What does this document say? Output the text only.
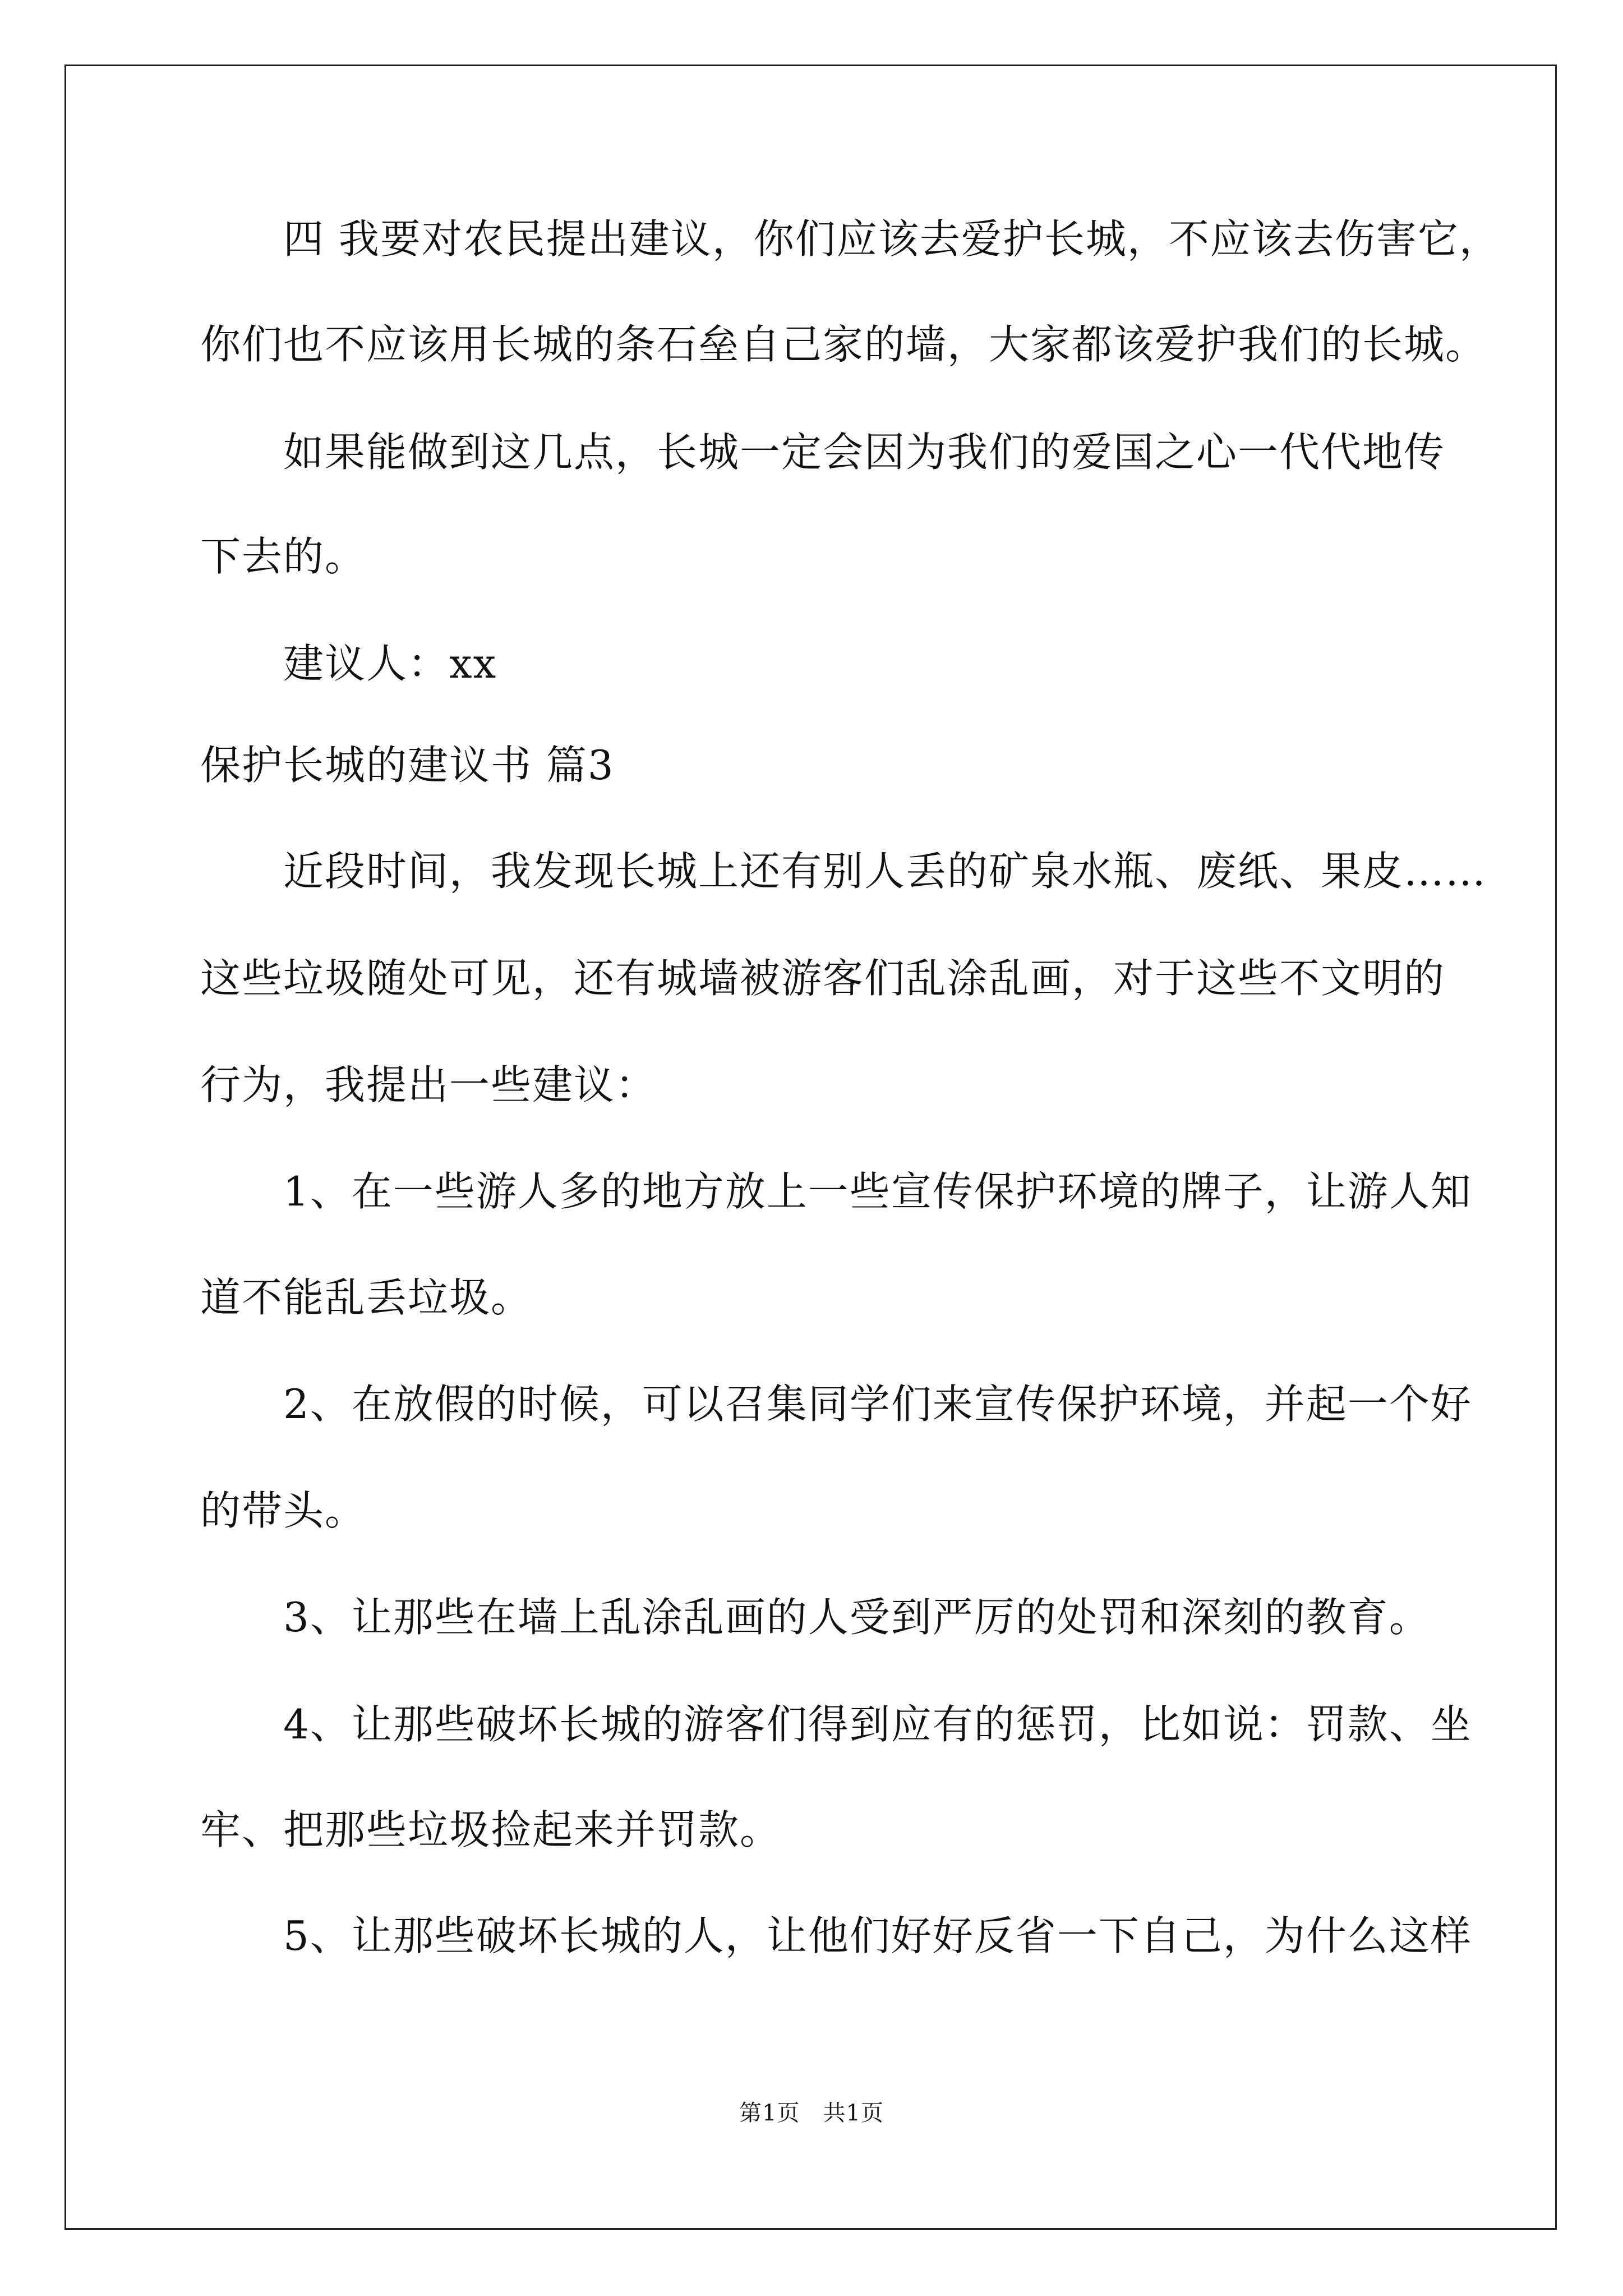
四 我要对农民提出建议，你们应该去爱护长城，不应该去伤害它，
你们也不应该用长城的条石垒自己家的墙，大家都该爱护我们的长城。
如果能做到这几点，长城一定会因为我们的爱国之心一代代地传
下去的。
建议人：xx
保护长城的建议书 篇3
近段时间，我发现长城上还有别人丢的矿泉水瓶、废纸、果皮……
这些垃圾随处可见，还有城墙被游客们乱涂乱画，对于这些不文明的
行为，我提出一些建议：
1、在一些游人多的地方放上一些宣传保护环境的牌子，让游人知
道不能乱丢垃圾。
2、在放假的时候，可以召集同学们来宣传保护环境，并起一个好
的带头。
3、让那些在墙上乱涂乱画的人受到严厉的处罚和深刻的教育。
4、让那些破坏长城的游客们得到应有的惩罚，比如说：罚款、坐
牢、把那些垃圾捡起来并罚款。
5、让那些破坏长城的人，让他们好好反省一下自己，为什么这样
第1页　共1页
